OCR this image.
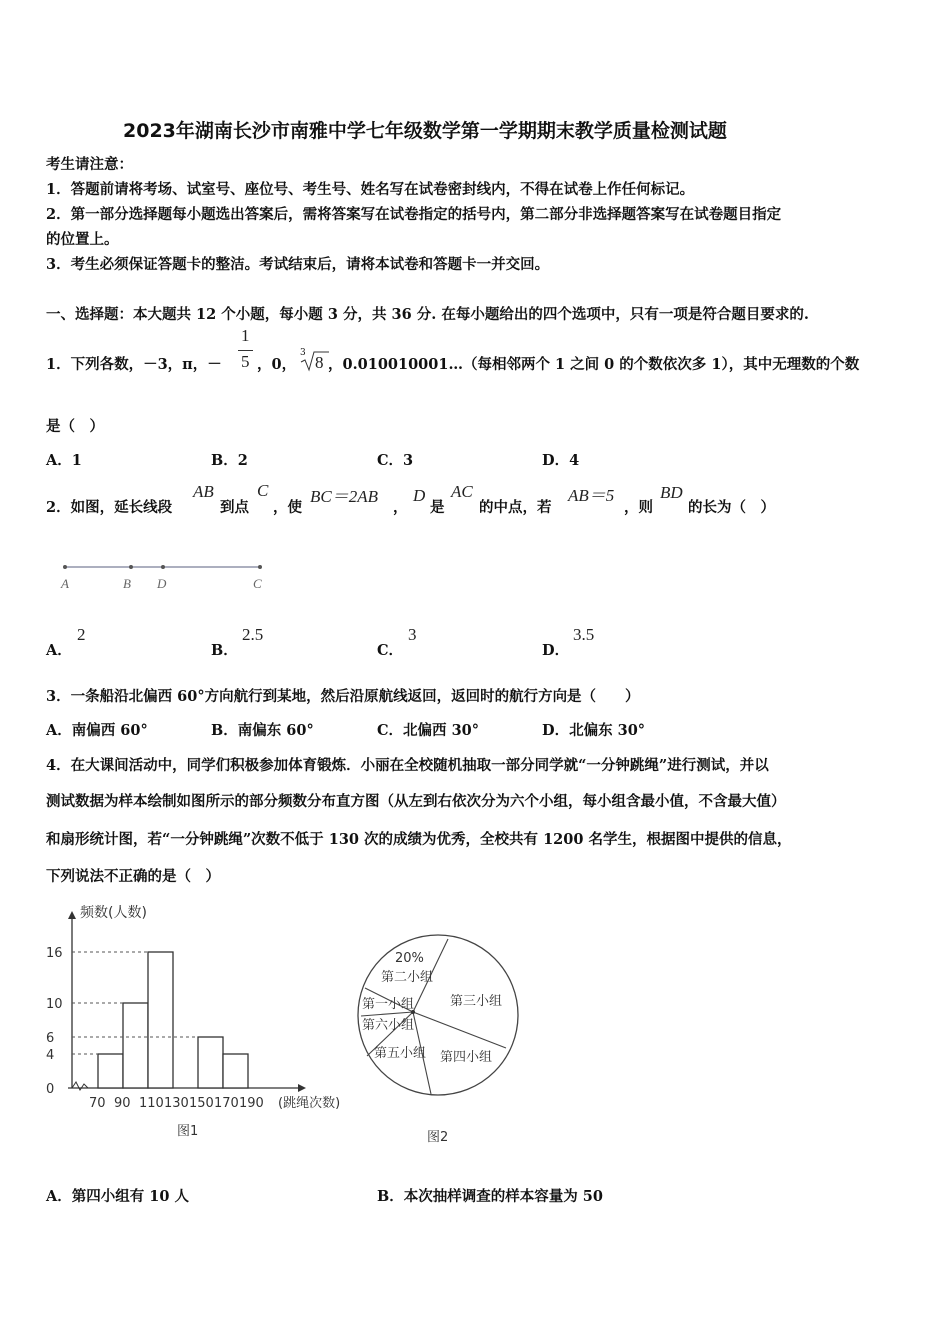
2023年湖南长沙市南雅中学七年级数学第一学期期末教学质量检测试题
考生请注意：
1．答题前请将考场、试室号、座位号、考生号、姓名写在试卷密封线内，不得在试卷上作任何标记。
2．第一部分选择题每小题选出答案后，需将答案写在试卷指定的括号内，第二部分非选择题答案写在试卷题目指定
的位置上。
3．考生必须保证答题卡的整洁。考试结束后，请将本试卷和答题卡一并交回。
一、选择题：本大题共 12 个小题，每小题 3 分，共 36 分. 在每小题给出的四个选项中，只有一项是符合题目要求的.
1．下列各数，－3，π，－
1
5 ，0，
3 8 ，0.010010001…（每相邻两个 1 之间 0 的个数依次多 1），其中无理数的个数
是（　）
A．1	B．2	C．3	D．4
2．如图，延长线段
AB
到点
C
，使
BC＝2AB
，
D
是
AC
的中点，若
AB＝5
，则
BD
的长为（　）
A	B D	C
A．
2
B．
2.5
C．
3
D．
3.5
3．一条船沿北偏西 60°方向航行到某地，然后沿原航线返回，返回时的航行方向是（　　）
A．南偏西 60°	B．南偏东 60°	C．北偏西 30°	D．北偏东 30°
4．在大课间活动中，同学们积极参加体育锻炼．小丽在全校随机抽取一部分同学就“一分钟跳绳”进行测试，并以
测试数据为样本绘制如图所示的部分频数分布直方图（从左到右依次分为六个小组，每小组含最小值，不含最大值）
和扇形统计图，若“一分钟跳绳”次数不低于 130 次的成绩为优秀，全校共有 1200 名学生，根据图中提供的信息，
下列说法不正确的是（　）
频数(人数)
(跳绳次数)
图1
0
4
6
10
16
70 90 110 130 150 170 190
20%
第二小组
第三小组
第四小组
第五小组
第六小组
第一小组
图2
A．第四小组有 10 人	B．本次抽样调查的样本容量为 50
